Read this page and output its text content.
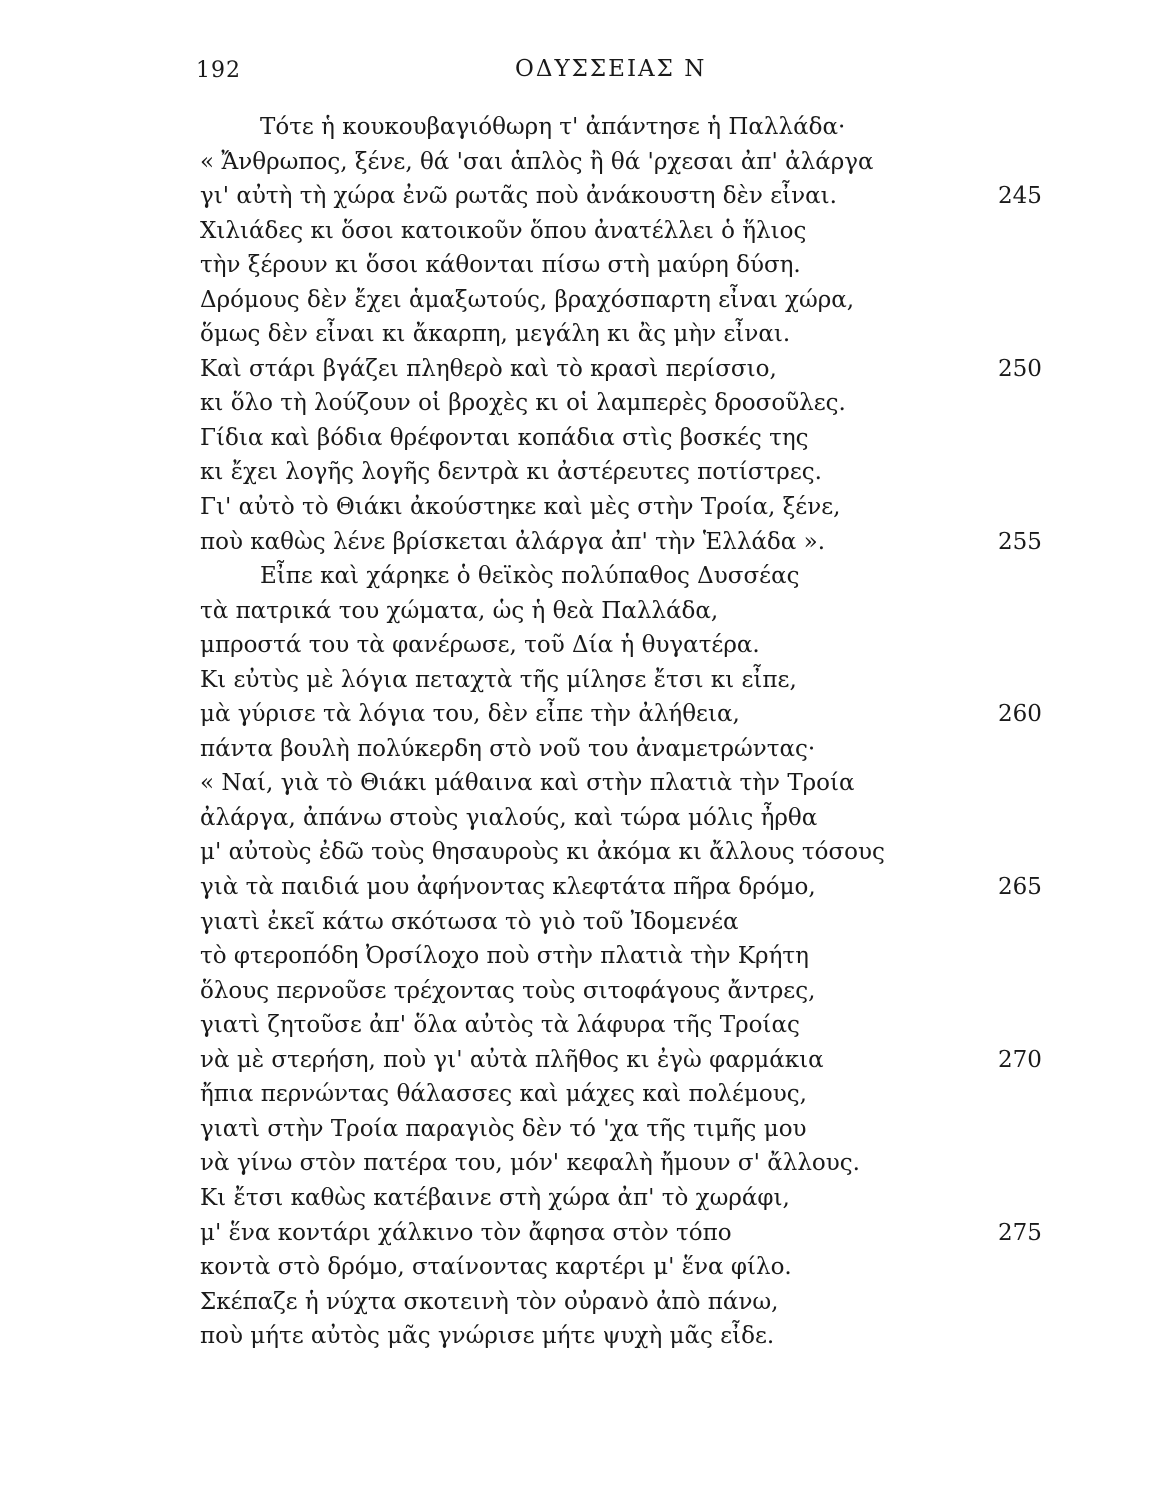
192	ΟΔΥΣΣΕΙΑΣ Ν
Τότε ἡ κουκουβαγιόθωρη τ' ἀπάντησε ἡ Παλλάδα·
« Ἄνθρωπος, ξένε, θά 'σαι ἁπλὸς ἢ θά 'ρχεσαι ἀπ' ἀλάργα
γι' αὐτὴ τὴ χώρα ἐνῶ ρωτᾶς ποὺ ἀνάκουστη δὲν εἶναι.	245
Χιλιάδες κι ὅσοι κατοικοῦν ὅπου ἀνατέλλει ὁ ἥλιος
τὴν ξέρουν κι ὅσοι κάθονται πίσω στὴ μαύρη δύση.
Δρόμους δὲν ἔχει ἁμαξωτούς, βραχόσπαρτη εἶναι χώρα,
ὅμως δὲν εἶναι κι ἄκαρπη, μεγάλη κι ἂς μὴν εἶναι.
Καὶ στάρι βγάζει πληθερὸ καὶ τὸ κρασὶ περίσσιο,	250
κι ὅλο τὴ λούζουν οἱ βροχὲς κι οἱ λαμπερὲς δροσοῦλες.
Γίδια καὶ βόδια θρέφονται κοπάδια στὶς βοσκές της
κι ἔχει λογῆς λογῆς δεντρὰ κι ἀστέρευτες ποτίστρες.
Γι' αὐτὸ τὸ Θιάκι ἀκούστηκε καὶ μὲς στὴν Τροία, ξένε,
ποὺ καθὼς λένε βρίσκεται ἀλάργα ἀπ' τὴν Ἑλλάδα ».	255
Εἶπε καὶ χάρηκε ὁ θεϊκὸς πολύπαθος Δυσσέας
τὰ πατρικά του χώματα, ὡς ἡ θεὰ Παλλάδα,
μπροστά του τὰ φανέρωσε, τοῦ Δία ἡ θυγατέρα.
Κι εὐτὺς μὲ λόγια πεταχτὰ τῆς μίλησε ἔτσι κι εἶπε,
μὰ γύρισε τὰ λόγια του, δὲν εἶπε τὴν ἀλήθεια,	260
πάντα βουλὴ πολύκερδη στὸ νοῦ του ἀναμετρώντας·
« Ναί, γιὰ τὸ Θιάκι μάθαινα καὶ στὴν πλατιὰ τὴν Τροία
ἀλάργα, ἀπάνω στοὺς γιαλούς, καὶ τώρα μόλις ἦρθα
μ' αὐτοὺς ἐδῶ τοὺς θησαυροὺς κι ἀκόμα κι ἄλλους τόσους
γιὰ τὰ παιδιά μου ἀφήνοντας κλεφτάτα πῆρα δρόμο,	265
γιατὶ ἐκεῖ κάτω σκότωσα τὸ γιὸ τοῦ Ἰδομενέα
τὸ φτεροπόδη Ὀρσίλοχο ποὺ στὴν πλατιὰ τὴν Κρήτη
ὅλους περνοῦσε τρέχοντας τοὺς σιτοφάγους ἄντρες,
γιατὶ ζητοῦσε ἀπ' ὅλα αὐτὸς τὰ λάφυρα τῆς Τροίας
νὰ μὲ στερήση, ποὺ γι' αὐτὰ πλῆθος κι ἐγὼ φαρμάκια	270
ἤπια περνώντας θάλασσες καὶ μάχες καὶ πολέμους,
γιατὶ στὴν Τροία παραγιὸς δὲν τό 'χα τῆς τιμῆς μου
νὰ γίνω στὸν πατέρα του, μόν' κεφαλὴ ἤμουν σ' ἄλλους.
Κι ἔτσι καθὼς κατέβαινε στὴ χώρα ἀπ' τὸ χωράφι,
μ' ἕνα κοντάρι χάλκινο τὸν ἄφησα στὸν τόπο	275
κοντὰ στὸ δρόμο, σταίνοντας καρτέρι μ' ἕνα φίλο.
Σκέπαζε ἡ νύχτα σκοτεινὴ τὸν οὐρανὸ ἀπὸ πάνω,
ποὺ μήτε αὐτὸς μᾶς γνώρισε μήτε ψυχὴ μᾶς εἶδε.
